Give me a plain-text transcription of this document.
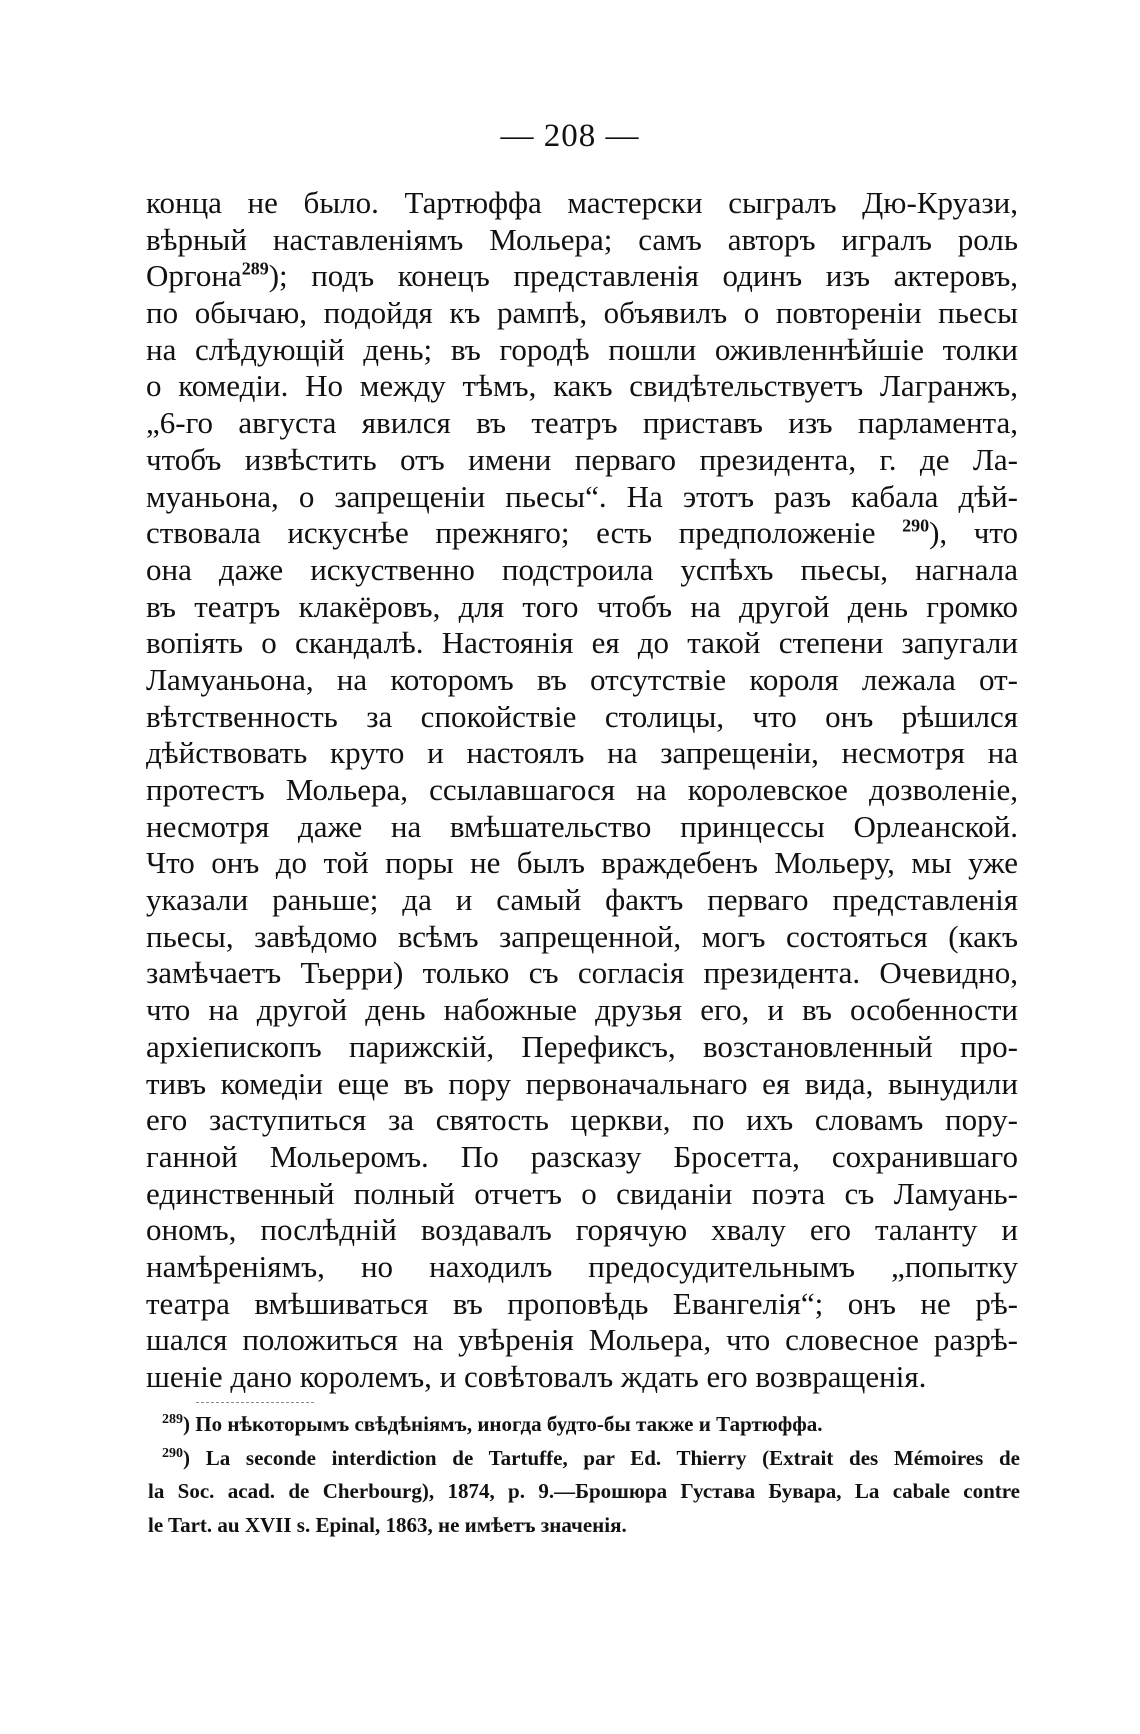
— 208 —
конца не было. Тартюффа мастерски сыгралъ Дю-Круази,
вѣрный наставленіямъ Мольера; самъ авторъ игралъ роль
Оргона$^{289}$); подъ конецъ представленія одинъ изъ актеровъ,
по обычаю, подойдя къ рампѣ, объявилъ о повтореніи пьесы
на слѣдующій день; въ городѣ пошли оживленнѣйшіе толки
о комедіи. Но между тѣмъ, какъ свидѣтельствуетъ Лагранжъ,
„6-го августа явился въ театръ приставъ изъ парламента,
чтобъ извѣстить отъ имени перваго президента, г. де Ла-
муаньона, о запрещеніи пьесы“. На этотъ разъ кабала дѣй-
ствовала искуснѣе прежняго; есть предположеніе $^{290}$), что
она даже искуственно подстроила успѣхъ пьесы, нагнала
въ театръ клакёровъ, для того чтобъ на другой день громко
вопіять о скандалѣ. Настоянія ея до такой степени запугали
Ламуаньона, на которомъ въ отсутствіе короля лежала от-
вѣтственность за спокойствіе столицы, что онъ рѣшился
дѣйствовать круто и настоялъ на запрещеніи, несмотря на
протестъ Мольера, ссылавшагося на королевское дозволеніе,
несмотря даже на вмѣшательство принцессы Орлеанской.
Что онъ до той поры не былъ враждебенъ Мольеру, мы уже
указали раньше; да и самый фактъ перваго представленія
пьесы, завѣдомо всѣмъ запрещенной, могъ состояться (какъ
замѣчаетъ Тьерри) только съ согласія президента. Очевидно,
что на другой день набожные друзья его, и въ особенности
архіепископъ парижскій, Перефиксъ, возстановленный про-
тивъ комедіи еще въ пору первоначальнаго ея вида, вынудили
его заступиться за святость церкви, по ихъ словамъ пору-
ганной Мольеромъ. По разсказу Бросетта, сохранившаго
единственный полный отчетъ о свиданіи поэта съ Ламуань-
ономъ, послѣдній воздавалъ горячую хвалу его таланту и
намѣреніямъ, но находилъ предосудительнымъ „попытку
театра вмѣшиваться въ проповѣдь Евангелія“; онъ не рѣ-
шался положиться на увѣренія Мольера, что словесное разрѣ-
шеніе дано королемъ, и совѣтовалъ ждать его возвращенія.
$^{289}$) По нѣкоторымъ свѣдѣніямъ, иногда будто-бы также и Тартюффа.
$^{290}$) La seconde interdiction de Tartuffe, par Ed. Thierry (Extrait des Mémoires de
la Soc. acad. de Cherbourg), 1874, p. 9.—Брошюра Густава Бувара, La cabale contre
le Tart. au XVII s. Epinal, 1863, не имѣетъ значенія.
